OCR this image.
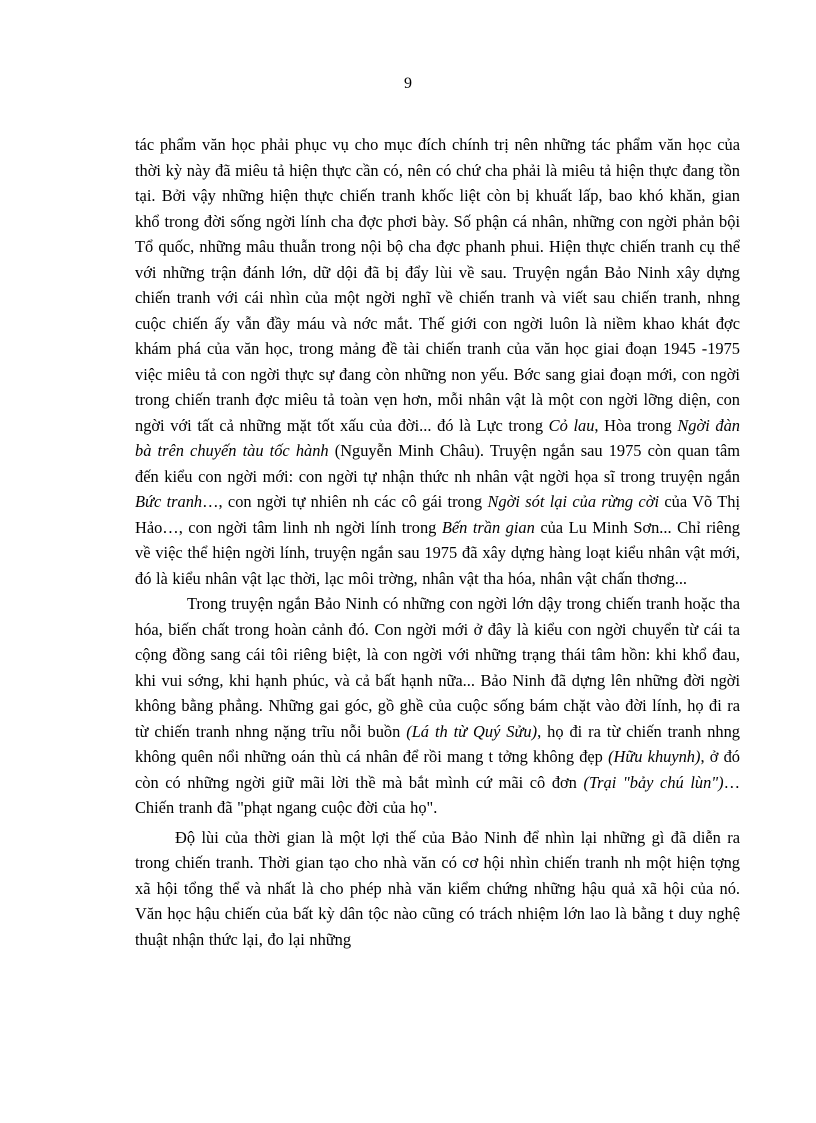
9

tác phẩm văn học phải phục vụ cho mục đích chính trị nên những tác phẩm văn học của thời kỳ này đã miêu tả hiện thực cần có, nên có chứ cha phải là miêu tả hiện thực đang tồn tại. Bởi vậy những hiện thực chiến tranh khốc liệt còn bị khuất lấp, bao khó khăn, gian khổ trong đời sống ngời lính cha đợc phơi bày. Số phận cá nhân, những con ngời phản bội Tổ quốc, những mâu thuẫn trong nội bộ cha đợc phanh phui. Hiện thực chiến tranh cụ thể với những trận đánh lớn, dữ dội đã bị đẩy lùi về sau. Truyện ngắn Bảo Ninh xây dựng chiến tranh với cái nhìn của một ngời nghĩ về chiến tranh và viết sau chiến tranh, nhng cuộc chiến ấy vẫn đầy máu và nớc mắt. Thế giới con ngời luôn là niềm khao khát đợc khám phá của văn học, trong mảng đề tài chiến tranh của văn học giai đoạn 1945 -1975 việc miêu tả con ngời thực sự đang còn những non yếu. Bớc sang giai đoạn mới, con ngời trong chiến tranh đợc miêu tả toàn vẹn hơn, mỗi nhân vật là một con ngời lỡng diện, con ngời với tất cả những mặt tốt xấu của đời... đó là Lực trong Cỏ lau, Hòa trong Ngời đàn bà trên chuyến tàu tốc hành (Nguyễn Minh Châu). Truyện ngắn sau 1975 còn quan tâm đến kiểu con ngời mới: con ngời tự nhận thức nh nhân vật ngời họa sĩ trong truyện ngắn Bức tranh…, con ngời tự nhiên nh các cô gái trong Ngời sót lại của rừng cời của Võ Thị Hảo…, con ngời tâm linh nh ngời lính trong Bến trần gian của Lu Minh Sơn... Chỉ riêng về việc thể hiện ngời lính, truyện ngắn sau 1975 đã xây dựng hàng loạt kiểu nhân vật mới, đó là kiểu nhân vật lạc thời, lạc môi trờng, nhân vật tha hóa, nhân vật chấn thơng...

Trong truyện ngắn Bảo Ninh có những con ngời lớn dậy trong chiến tranh hoặc tha hóa, biến chất trong hoàn cảnh đó. Con ngời mới ở đây là kiểu con ngời chuyển từ cái ta cộng đồng sang cái tôi riêng biệt, là con ngời với những trạng thái tâm hồn: khi khổ đau, khi vui sớng, khi hạnh phúc, và cả bất hạnh nữa... Bảo Ninh đã dựng lên những đời ngời không bằng phẳng. Những gai góc, gồ ghề của cuộc sống bám chặt vào đời lính, họ đi ra từ chiến tranh nhng nặng trĩu nỗi buồn (Lá th từ Quý Sửu), họ đi ra từ chiến tranh nhng không quên nổi những oán thù cá nhân để rồi mang t tởng không đẹp (Hữu khuynh), ở đó còn có những ngời giữ mãi lời thề mà bắt mình cứ mãi cô đơn (Trại "bảy chú lùn")… Chiến tranh đã "phạt ngang cuộc đời của họ".

Độ lùi của thời gian là một lợi thế của Bảo Ninh để nhìn lại những gì đã diễn ra trong chiến tranh. Thời gian tạo cho nhà văn có cơ hội nhìn chiến tranh nh một hiện tợng xã hội tổng thể và nhất là cho phép nhà văn kiểm chứng những hậu quả xã hội của nó. Văn học hậu chiến của bất kỳ dân tộc nào cũng có trách nhiệm lớn lao là bằng t duy nghệ thuật nhận thức lại, đo lại những
